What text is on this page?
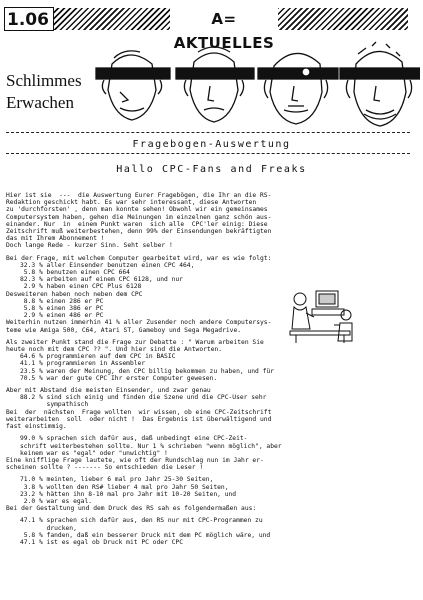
1.06	A= AKTUELLES
Schlimmes
Erwachen
Fragebogen-Auswertung
Hallo CPC-Fans and Freaks

Hier ist sie  ---  die Auswertung Eurer Fragebögen, die Ihr an die RS-

Redaktion geschickt habt. Es war sehr interessant, diese Antworten

zu 'durchforsten' , denn man konnte sehen! Obwohl wir ein gemeinsames

Computersystem haben, gehen die Meinungen im einzelnen ganz schön aus-

einander. Nur  in  einem Punkt waren  sich alle  CPC'ler einig: Diese

Zeitschrift muß weiterbestehen, denn 99% der Einsendungen bekräftigten

das mit Ihrem Abonnement !

Doch lange Rede - kurzer Sinn. Seht selber !

Bei der Frage, mit welchem Computer gearbeitet wird, war es wie folgt:

32.3 % aller Einsender benutzen einen CPC 464,

5.8 % benutzen einen CPC 664

82.3 % arbeiten auf einem CPC 6128, und nur

2.9 % haben einen CPC Plus 6128

Desweiteren haben noch neben dem CPC

8.8 % einen 286 er PC

5.8 % einen 386 er PC

2.9 % einen 486 er PC

Weiterhin nutzen immerhin 41 % aller Zusender noch andere Computersys-

teme wie Amiga 500, C64, Atari ST, Gameboy und Sega Megadrive.

Als zweiter Punkt stand die Frage zur Debatte : " Warum arbeiten Sie

heute noch mit dem CPC ?? ". Und hier sind die Antworten.

64.6 % programmieren auf dem CPC in BASIC

41.1 % programmieren in Assembler

23.5 % waren der Meinung, den CPC billig bekommen zu haben, und für

70.5 % war der gute CPC Ihr erster Computer gewesen.

Aber mit Abstand die meisten Einsender, und zwar genau

88.2 % sind sich einig und finden die Szene und die CPC-User sehr

sympathisch

Bei  der  nächsten  Frage wollten  wir wissen, ob eine CPC-Zeitschrift

weiterarbeiten  soll  oder nicht !  Das Ergebnis ist überwältigend und

fast einstimmig.

99.0 % sprachen sich dafür aus, daß unbedingt eine CPC-Zeit-

schrift weiterbestehen sollte. Nur 1 % schrieben "wenn möglich", aber

keinem war es "egal" oder "unwichtig" !

Eine knifflige Frage lautete, wie oft der Rundschlag nun im Jahr er-

scheinen sollte ? ------- So entschieden die Leser !

71.0 % meinten, lieber 6 mal pro Jahr 25-30 Seiten,

3.8 % wollten den RS# lieber 4 mal pro Jahr 50 Seiten,

23.2 % hätten ihn 8-10 mal pro Jahr mit 10-20 Seiten, und

2.0 % war es egal.

Bei der Gestaltung und dem Druck des RS sah es folgendermaßen aus:

47.1 % sprachen sich dafür aus, den RS nur mit CPC-Programmen zu

drucken,

5.8 % fanden, daß ein besserer Druck mit dem PC möglich wäre, und

47.1 % ist es egal ob Druck mit PC oder CPC
